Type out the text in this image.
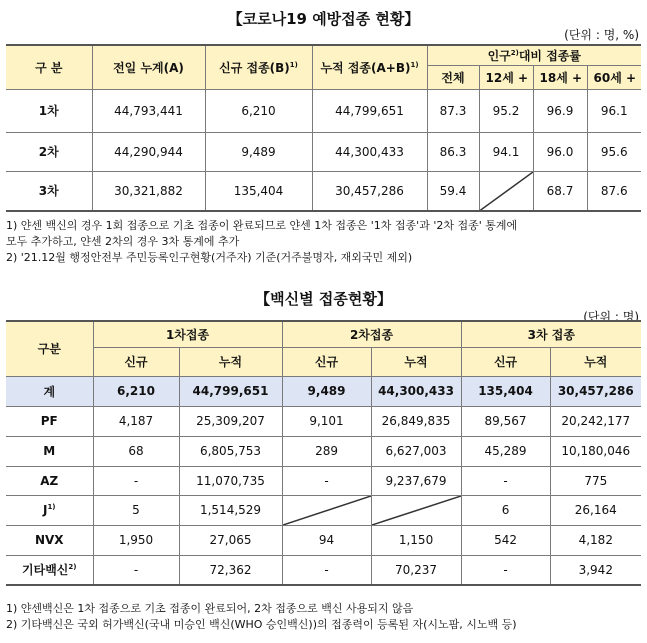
【코로나19 예방접종 현황】
(단위 : 명, %)
구 분	전일 누계(A)	신규 접종$(B)^{1)}$	누적 접종$(A+B)^{1)}$	인구$^{2)}$대비 접종률			
				전체	12세 +	18세 +	60세 +
1차	44,793,441	6,210	44,799,651	87.3	95.2	96.9	96.1
2차	44,290,944	9,489	44,300,433	86.3	94.1	96.0	95.6
3차	30,321,882	135,404	30,457,286	59.4		68.7	87.6
1) 얀센 백신의 경우 1회 접종으로 기초 접종이 완료되므로 얀센 1차 접종은 '1차 접종'과 '2차 접종' 통계에
모두 추가하고, 얀센 2차의 경우 3차 통계에 추가
2) '21.12월 행정안전부 주민등록인구현황(거주자) 기준(거주불명자, 재외국민 제외)
【백신별 접종현황】
(단위 : 명)
구분	1차접종		2차접종		3차 접종	
	신규	누적	신규	누적	신규	누적
계	6,210	44,799,651	9,489	44,300,433	135,404	30,457,286
PF	4,187	25,309,207	9,101	26,849,835	89,567	20,242,177
M	68	6,805,753	289	6,627,003	45,289	10,180,046
AZ	-	11,070,735	-	9,237,679	-	775
$J^{1)}$	5	1,514,529			6	26,164
NVX	1,950	27,065	94	1,150	542	4,182
기타백신$^{2)}$	-	72,362	-	70,237	-	3,942
1) 얀센백신은 1차 접종으로 기초 접종이 완료되어, 2차 접종으로 백신 사용되지 않음
2) 기타백신은 국외 허가백신(국내 미승인 백신(WHO 승인백신))의 접종력이 등록된 자(시노팜, 시노백 등)
